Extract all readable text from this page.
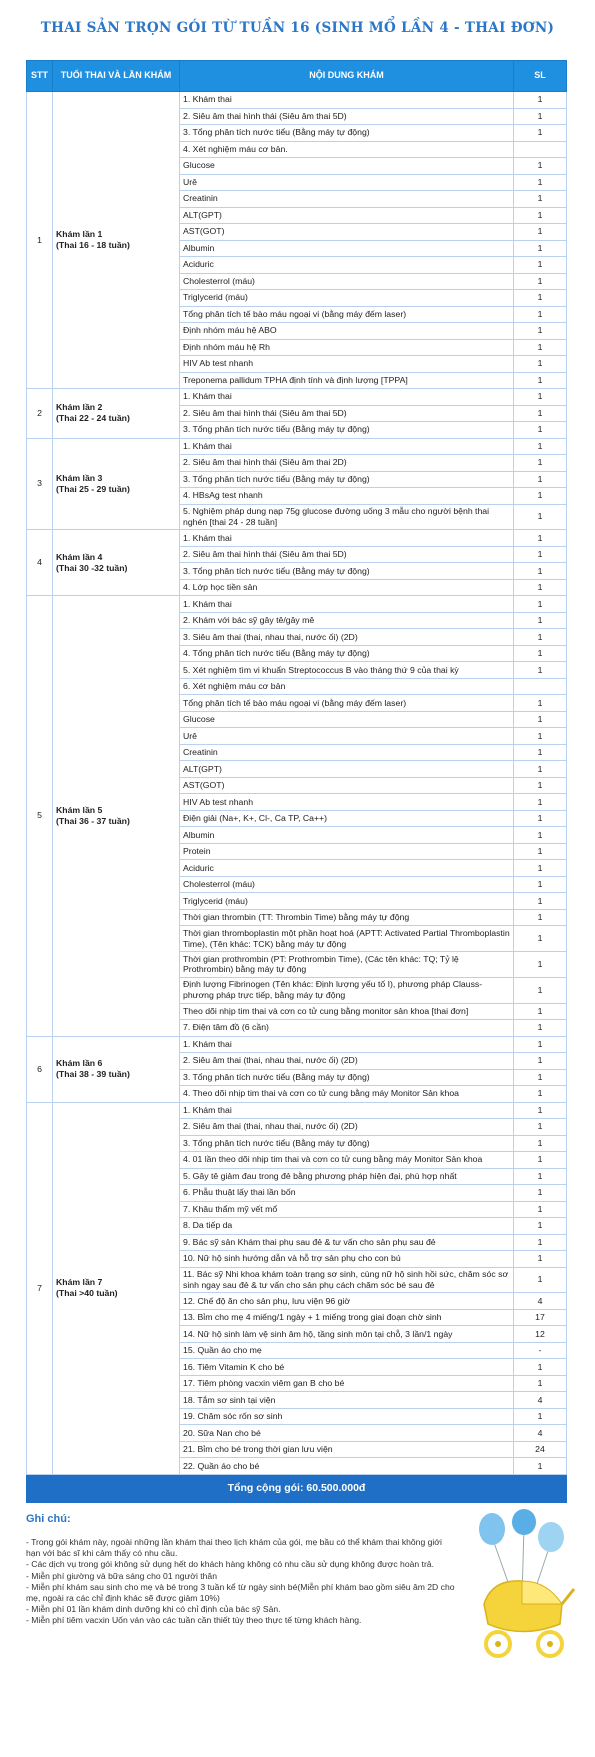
THAI SẢN TRỌN GÓI TỪ TUẦN 16 (SINH MỔ LẦN 4 - THAI ĐƠN)
STT	TUỔI THAI VÀ LẦN KHÁM	NỘI DUNG KHÁM	SL
1	Khám lần 1
(Thai 16 - 18 tuần)	1. Khám thai	1
		2. Siêu âm thai hình thái (Siêu âm thai 5D)	1
		3. Tổng phân tích nước tiểu (Bằng máy tự động)	1
		4. Xét nghiệm máu cơ bản.	
		Glucose	1
		Urê	1
		Creatinin	1
		ALT(GPT)	1
		AST(GOT)	1
		Albumin	1
		Aciduric	1
		Cholesterrol (máu)	1
		Triglycerid (máu)	1
		Tổng phân tích tế bào máu ngoại vi (bằng máy đếm laser)	1
		Định nhóm máu hệ ABO	1
		Định nhóm máu hệ Rh	1
		HIV Ab test nhanh	1
		Treponema pallidum TPHA định tính và định lượng [TPPA]	1
2	Khám lần 2
(Thai 22 - 24 tuần)	1. Khám thai	1
		2. Siêu âm thai hình thái (Siêu âm thai 5D)	1
		3. Tổng phân tích nước tiểu (Bằng máy tự động)	1
3	Khám lần 3
(Thai 25 - 29 tuần)	1. Khám thai	1
		2. Siêu âm thai hình thái (Siêu âm thai 2D)	1
		3. Tổng phân tích nước tiểu (Bằng máy tự động)	1
		4. HBsAg test nhanh	1
		5. Nghiệm pháp dung nạp 75g glucose đường uống 3 mẫu cho người bệnh thai nghén [thai 24 - 28 tuần]	1
4	Khám lần 4
(Thai 30 -32 tuần)	1. Khám thai	1
		2. Siêu âm thai hình thái (Siêu âm thai 5D)	1
		3. Tổng phân tích nước tiểu (Bằng máy tự động)	1
		4. Lớp học tiền sản	1
5	Khám lần 5
(Thai 36 - 37 tuần)	1. Khám thai	1
		2. Khám với bác sỹ gây tê/gây mê	1
		3. Siêu âm thai (thai, nhau thai, nước ối) (2D)	1
		4. Tổng phân tích nước tiểu (Bằng máy tự động)	1
		5. Xét nghiệm tìm vi khuẩn Streptococcus B vào tháng thứ 9 của thai kỳ	1
		6. Xét nghiệm máu cơ bản	
		Tổng phân tích tế bào máu ngoại vi (bằng máy đếm laser)	1
		Glucose	1
		Urê	1
		Creatinin	1
		ALT(GPT)	1
		AST(GOT)	1
		HIV Ab test nhanh	1
		Điện giải (Na+, K+, Cl-, Ca TP, Ca++)	1
		Albumin	1
		Protein	1
		Aciduric	1
		Cholesterrol (máu)	1
		Triglycerid (máu)	1
		Thời gian thrombin (TT: Thrombin Time) bằng máy tự động	1
		Thời gian thromboplastin một phần hoạt hoá (APTT: Activated Partial Thromboplastin Time), (Tên khác: TCK) bằng máy tự động	1
		Thời gian prothrombin (PT: Prothrombin Time), (Các tên khác: TQ; Tỷ lệ Prothrombin) bằng máy tự động	1
		Định lượng Fibrinogen (Tên khác: Định lượng yếu tố I), phương pháp Clauss- phương pháp trực tiếp, bằng máy tự động	1
		Theo dõi nhịp tim thai và cơn co tử cung bằng monitor sản khoa [thai đơn]	1
		7. Điện tâm đồ (6 cần)	1
6	Khám lần 6
(Thai 38 - 39 tuần)	1. Khám thai	1
		2. Siêu âm thai (thai, nhau thai, nước ối) (2D)	1
		3. Tổng phân tích nước tiểu (Bằng máy tự động)	1
		4. Theo dõi nhịp tim thai và cơn co tử cung bằng máy Monitor Sản khoa	1
7	Khám lần 7
(Thai >40 tuần)	1. Khám thai	1
		2. Siêu âm thai (thai, nhau thai, nước ối) (2D)	1
		3. Tổng phân tích nước tiểu (Bằng máy tự động)	1
		4. 01 lần theo dõi nhịp tim thai và cơn co tử cung bằng máy Monitor Sản khoa	1
		5. Gây tê giảm đau trong đẻ bằng phương pháp hiện đại, phù hợp nhất	1
		6. Phẫu thuật lấy thai lần bốn	1
		7. Khâu thẩm mỹ vết mổ	1
		8. Da tiếp da	1
		9. Bác sỹ sản Khám thai phụ sau đẻ & tư vấn cho sản phụ sau đẻ	1
		10. Nữ hộ sinh hướng dẫn và hỗ trợ sản phụ cho con bú	1
		11. Bác sỹ Nhi khoa khám toàn trạng sơ sinh, cùng nữ hộ sinh hồi sức, chăm sóc sơ sinh ngay sau đẻ & tư vấn cho sản phụ cách chăm sóc bé sau đẻ	1
		12. Chế độ ăn cho sản phụ, lưu viện 96 giờ	4
		13. Bỉm cho mẹ 4 miếng/1 ngày + 1 miếng trong giai đoạn chờ sinh	17
		14. Nữ hộ sinh làm vệ sinh âm hộ, tầng sinh môn tại chỗ, 3 lần/1 ngày	12
		15. Quần áo cho mẹ	-
		16. Tiêm Vitamin K cho bé	1
		17. Tiêm phòng vacxin viêm gan B cho bé	1
		18. Tắm sơ sinh tại viện	4
		19. Chăm sóc rốn sơ sinh	1
		20. Sữa Nan cho bé	4
		21. Bỉm cho bé trong thời gian lưu viện	24
		22. Quần áo cho bé	1
Tổng cộng gói: 60.500.000đ			
Ghi chú:
- Trong gói khám này, ngoài những lần khám thai theo lịch khám của gói, mẹ bầu có thể khám thai không giới hạn với bác sĩ khi cảm thấy có nhu cầu.
- Các dịch vụ trong gói không sử dụng hết do khách hàng không có nhu cầu sử dụng không được hoàn trả.
- Miễn phí giường và bữa sáng cho 01 người thân
- Miễn phí khám sau sinh cho mẹ và bé trong 3 tuần kể từ ngày sinh bé(Miễn phí khám bao gồm siêu âm 2D cho mẹ, ngoài ra các chỉ định khác sẽ được giảm 10%)
- Miễn phí 01 lần khám dinh dưỡng khi có chỉ định của bác sỹ Sản.
- Miễn phí tiêm vacxin Uốn ván vào các tuần cần thiết tùy theo thực tế từng khách hàng.
